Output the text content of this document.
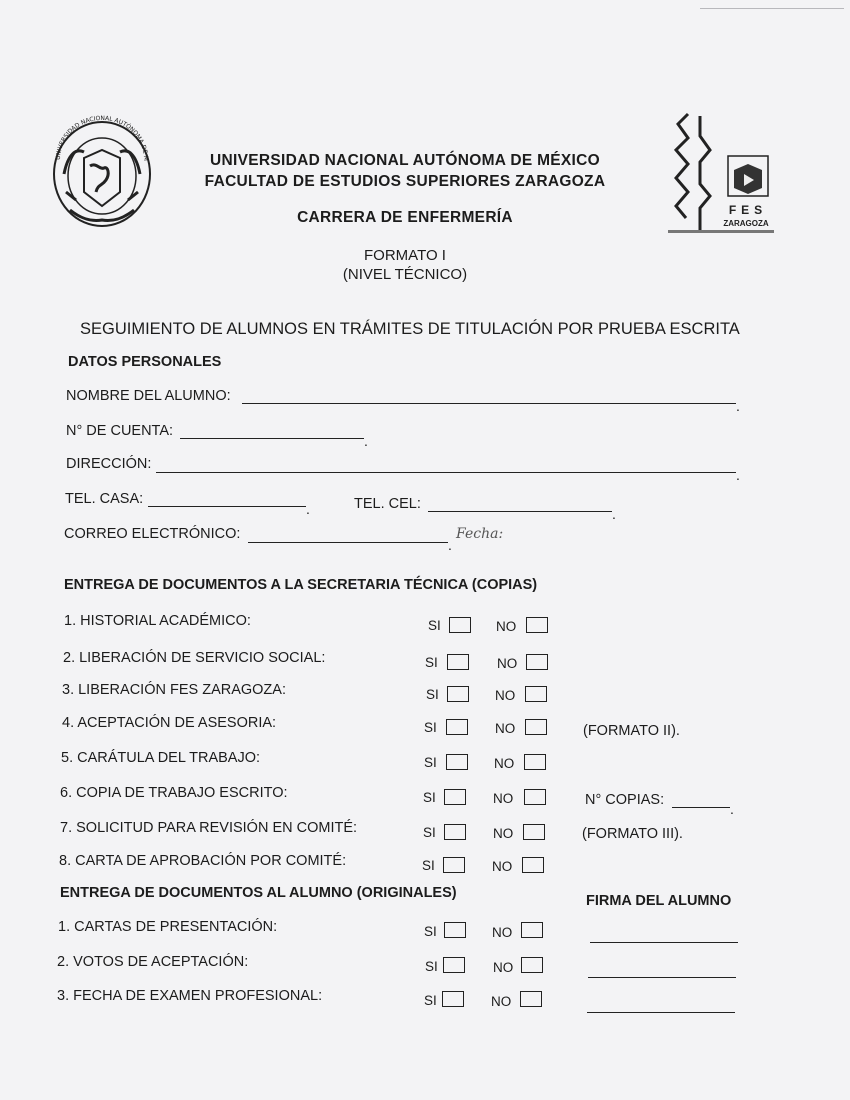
UNIVERSIDAD NACIONAL AUTÓNOMA DE M
FES
ZARAGOZA
UNIVERSIDAD NACIONAL AUTÓNOMA DE MÉXICO
FACULTAD DE ESTUDIOS SUPERIORES ZARAGOZA
CARRERA DE ENFERMERÍA
FORMATO I
(NIVEL TÉCNICO)
SEGUIMIENTO DE ALUMNOS EN TRÁMITES DE TITULACIÓN POR PRUEBA ESCRITA
DATOS PERSONALES
NOMBRE DEL ALUMNO:
.
N° DE CUENTA:
.
DIRECCIÓN:
.
TEL. CASA:
.	TEL. CEL:
.
CORREO ELECTRÓNICO:
.
Fecha:
ENTREGA DE DOCUMENTOS A LA SECRETARIA TÉCNICA (COPIAS)
1. HISTORIAL ACADÉMICO:	SI	NO
2. LIBERACIÓN DE SERVICIO SOCIAL:	SI	NO
3. LIBERACIÓN FES ZARAGOZA:	SI	NO
4. ACEPTACIÓN DE ASESORIA:	SI	NO	(FORMATO II).
5. CARÁTULA DEL TRABAJO:	SI	NO
6. COPIA DE TRABAJO ESCRITO:	SI	NO	N° COPIAS:
.
7. SOLICITUD PARA REVISIÓN EN COMITÉ:	SI	NO	(FORMATO III).
8. CARTA DE APROBACIÓN POR COMITÉ:	SI	NO
ENTREGA DE DOCUMENTOS AL ALUMNO (ORIGINALES)	FIRMA DEL ALUMNO
1. CARTAS DE PRESENTACIÓN:	SI	NO
2. VOTOS DE ACEPTACIÓN:	SI	NO
3. FECHA DE EXAMEN PROFESIONAL:	SI	NO
